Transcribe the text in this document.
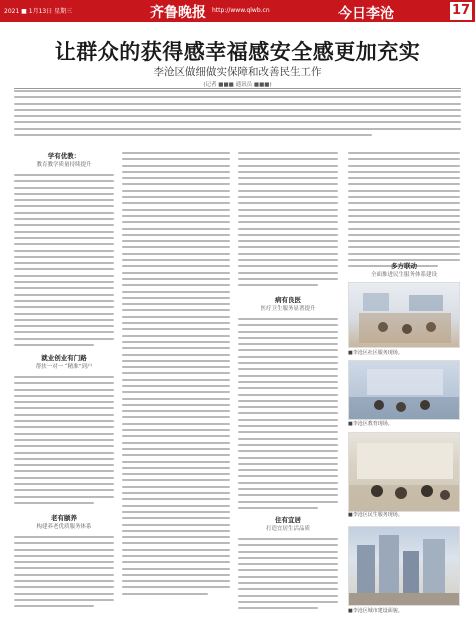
2021 ■ 1月13日 星期三	齐鲁晚报 http://www.qlwb.cn	今日李沧	17
让群众的获得感幸福感安全感更加充实
李沧区做细做实保障和改善民生工作
(记者 ■■■ 通讯员 ■■■)
学有优教：
教育教学质量持续提升
就业创业有门路
帮扶一对一 “精准”到户
老有颐养
构建养老优质服务体系
病有良医
医疗卫生服务显著提升
住有宜居
打造宜居生活品质
多方联动
全面推进民生服务体系建设
■李沧区社区服务现场。
■李沧区教育现场。
■李沧区民生服务现场。
■李沧区城市建设面貌。
